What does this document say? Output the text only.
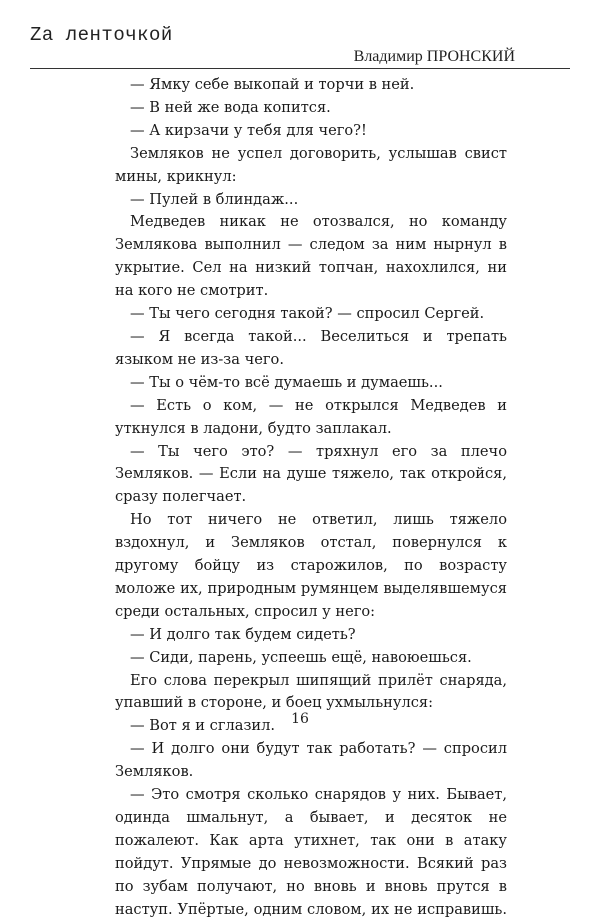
Zа ленточкой
Владимир ПРОНСКИЙ

— Ямку себе выкопай и торчи в ней.

— В ней же вода копится.

— А кирзачи у тебя для чего?!

Земляков не успел договорить, услышав свист мины, крикнул:

— Пулей в блиндаж...

Медведев никак не отозвался, но команду Землякова выполнил — следом за ним нырнул в укрытие. Сел на низкий топчан, нахохлился, ни на кого не смотрит.

— Ты чего сегодня такой? — спросил Сергей.

— Я всегда такой... Веселиться и трепать языком не из-за чего.

— Ты о чём-то всё думаешь и думаешь...

— Есть о ком, — не открылся Медведев и уткнулся в ладони, будто заплакал.

— Ты чего это? — тряхнул его за плечо Земляков. — Если на душе тяжело, так откройся, сразу полегчает.

Но тот ничего не ответил, лишь тяжело вздохнул, и Земляков отстал, повернулся к другому бойцу из старожилов, по возрасту моложе их, природным румянцем выделявшемуся среди остальных, спросил у него:

— И долго так будем сидеть?

— Сиди, парень, успеешь ещё, навоюешься.

Его слова перекрыл шипящий прилёт снаряда, упавший в стороне, и боец ухмыльнулся:

— Вот я и сглазил.

— И долго они будут так работать? — спросил Земляков.

— Это смотря сколько снарядов у них. Бывает, одинда шмальнут, а бывает, и десяток не пожалеют. Как арта утихнет, так они в атаку пойдут. Упрямые до невозможности. Всякий раз по зубам получают, но вновь и вновь прутся в наступ. Упёртые, одним словом, их не исправишь.

16
